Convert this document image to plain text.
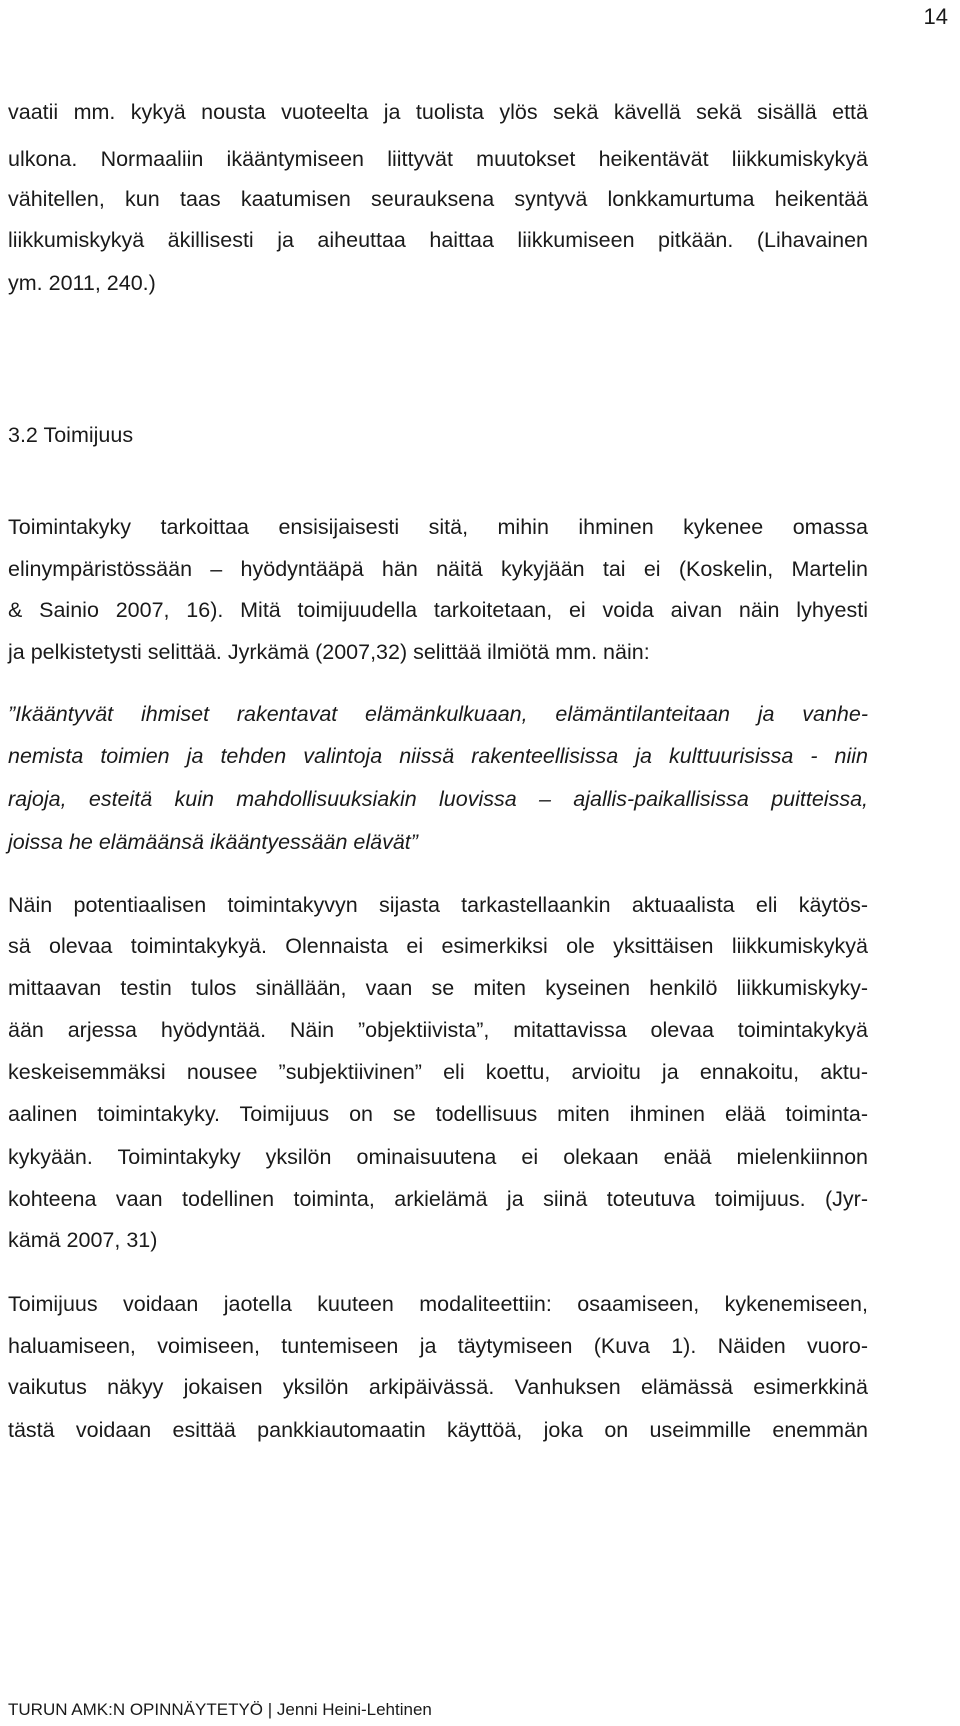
14
vaatii mm. kykyä nousta vuoteelta ja tuolista ylös sekä kävellä sekä sisällä että
ulkona. Normaaliin ikääntymiseen liittyvät muutokset heikentävät liikkumiskykyä
vähitellen, kun taas kaatumisen seurauksena syntyvä lonkkamurtuma heikentää
liikkumiskykyä äkillisesti ja aiheuttaa haittaa liikkumiseen pitkään. (Lihavainen
ym. 2011, 240.)
3.2 Toimijuus
Toimintakyky tarkoittaa ensisijaisesti sitä, mihin ihminen kykenee omassa
elinympäristössään – hyödyntääpä hän näitä kykyjään tai ei (Koskelin, Martelin
& Sainio 2007, 16). Mitä toimijuudella tarkoitetaan, ei voida aivan näin lyhyesti
ja pelkistetysti selittää. Jyrkämä (2007,32) selittää ilmiötä mm. näin:
”Ikääntyvät ihmiset rakentavat elämänkulkuaan, elämäntilanteitaan ja vanhe-
nemista toimien ja tehden valintoja niissä rakenteellisissa ja kulttuurisissa - niin
rajoja, esteitä kuin mahdollisuuksiakin luovissa – ajallis-paikallisissa puitteissa,
joissa he elämäänsä ikääntyessään elävät”
Näin potentiaalisen toimintakyvyn sijasta tarkastellaankin aktuaalista eli käytös-
sä olevaa toimintakykyä. Olennaista ei esimerkiksi ole yksittäisen liikkumiskykyä
mittaavan testin tulos sinällään, vaan se miten kyseinen henkilö liikkumiskyky-
ään arjessa hyödyntää. Näin ”objektiivista”, mitattavissa olevaa toimintakykyä
keskeisemmäksi nousee ”subjektiivinen” eli koettu, arvioitu ja ennakoitu, aktu-
aalinen toimintakyky. Toimijuus on se todellisuus miten ihminen elää toiminta-
kykyään. Toimintakyky yksilön ominaisuutena ei olekaan enää mielenkiinnon
kohteena vaan todellinen toiminta, arkielämä ja siinä toteutuva toimijuus. (Jyr-
kämä 2007, 31)
Toimijuus voidaan jaotella kuuteen modaliteettiin: osaamiseen, kykenemiseen,
haluamiseen, voimiseen, tuntemiseen ja täytymiseen (Kuva 1). Näiden vuoro-
vaikutus näkyy jokaisen yksilön arkipäivässä. Vanhuksen elämässä esimerkkinä
tästä voidaan esittää pankkiautomaatin käyttöä, joka on useimmille enemmän
TURUN AMK:N OPINNÄYTETYÖ | Jenni Heini-Lehtinen
